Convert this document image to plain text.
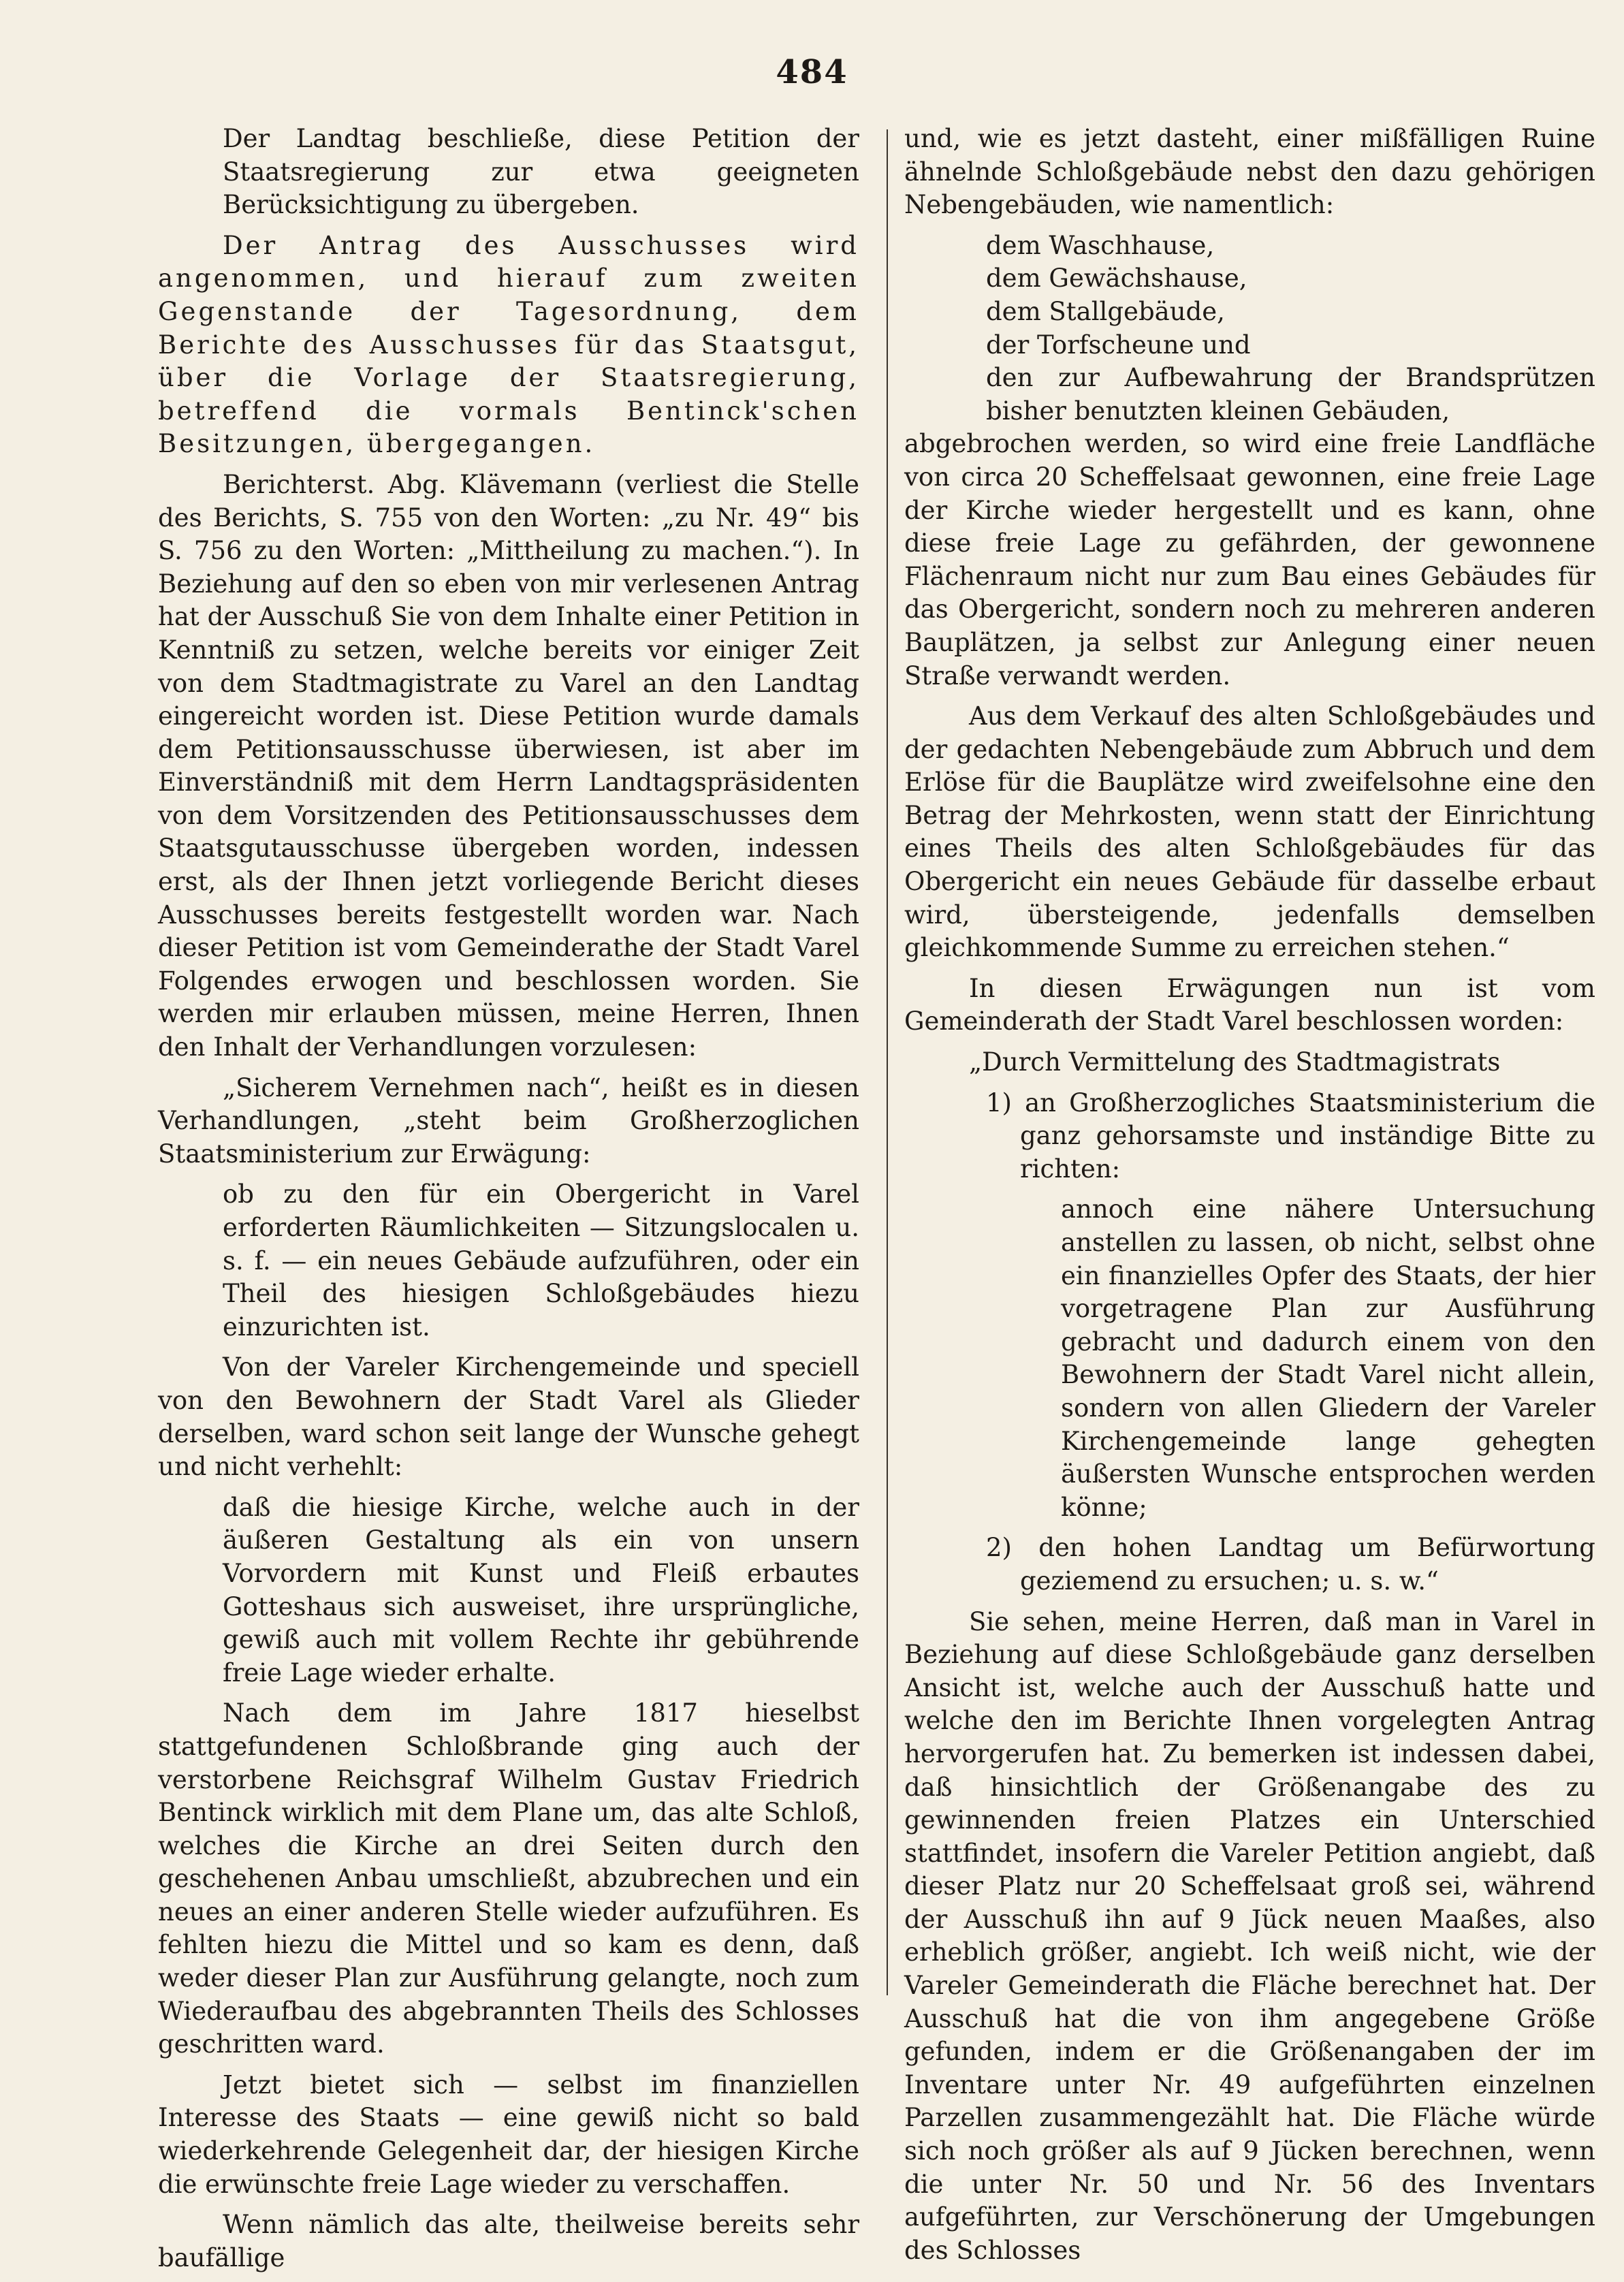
484

Der Landtag beschließe, diese Petition der Staatsregierung zur etwa geeigneten Berücksichtigung zu übergeben.

Der Antrag des Ausschusses wird angenommen, und hierauf zum zweiten Gegenstande der Tagesordnung, dem Berichte des Ausschusses für das Staatsgut, über die Vorlage der Staatsregierung, betreffend die vormals Bentinck'schen Besitzungen, übergegangen.

Berichterst. Abg. Klävemann (verliest die Stelle des Berichts, S. 755 von den Worten: „zu Nr. 49“ bis S. 756 zu den Worten: „Mittheilung zu machen.“). In Beziehung auf den so eben von mir verlesenen Antrag hat der Ausschuß Sie von dem Inhalte einer Petition in Kenntniß zu setzen, welche bereits vor einiger Zeit von dem Stadtmagistrate zu Varel an den Landtag eingereicht worden ist. Diese Petition wurde damals dem Petitionsausschusse überwiesen, ist aber im Einverständniß mit dem Herrn Landtagspräsidenten von dem Vorsitzenden des Petitionsausschusses dem Staatsgutausschusse übergeben worden, indessen erst, als der Ihnen jetzt vorliegende Bericht dieses Ausschusses bereits festgestellt worden war. Nach dieser Petition ist vom Gemeinderathe der Stadt Varel Folgendes erwogen und beschlossen worden. Sie werden mir erlauben müssen, meine Herren, Ihnen den Inhalt der Verhandlungen vorzulesen:

„Sicherem Vernehmen nach“, heißt es in diesen Verhandlungen, „steht beim Großherzoglichen Staatsministerium zur Erwägung:

ob zu den für ein Obergericht in Varel erforderten Räumlichkeiten — Sitzungslocalen u. s. f. — ein neues Gebäude aufzuführen, oder ein Theil des hiesigen Schloßgebäudes hiezu einzurichten ist.

Von der Vareler Kirchengemeinde und speciell von den Bewohnern der Stadt Varel als Glieder derselben, ward schon seit lange der Wunsche gehegt und nicht verhehlt:

daß die hiesige Kirche, welche auch in der äußeren Gestaltung als ein von unsern Vorvordern mit Kunst und Fleiß erbautes Gotteshaus sich ausweiset, ihre ursprüngliche, gewiß auch mit vollem Rechte ihr gebührende freie Lage wieder erhalte.

Nach dem im Jahre 1817 hieselbst stattgefundenen Schloßbrande ging auch der verstorbene Reichsgraf Wilhelm Gustav Friedrich Bentinck wirklich mit dem Plane um, das alte Schloß, welches die Kirche an drei Seiten durch den geschehenen Anbau umschließt, abzubrechen und ein neues an einer anderen Stelle wieder aufzuführen. Es fehlten hiezu die Mittel und so kam es denn, daß weder dieser Plan zur Ausführung gelangte, noch zum Wiederaufbau des abgebrannten Theils des Schlosses geschritten ward.

Jetzt bietet sich — selbst im finanziellen Interesse des Staats — eine gewiß nicht so bald wiederkehrende Gelegenheit dar, der hiesigen Kirche die erwünschte freie Lage wieder zu verschaffen.

Wenn nämlich das alte, theilweise bereits sehr baufällige

und, wie es jetzt dasteht, einer mißfälligen Ruine ähnelnde Schloßgebäude nebst den dazu gehörigen Nebengebäuden, wie namentlich:

dem Waschhause,

dem Gewächshause,

dem Stallgebäude,

der Torfscheune und

den zur Aufbewahrung der Brandsprützen bisher benutzten kleinen Gebäuden,

abgebrochen werden, so wird eine freie Landfläche von circa 20 Scheffelsaat gewonnen, eine freie Lage der Kirche wieder hergestellt und es kann, ohne diese freie Lage zu gefährden, der gewonnene Flächenraum nicht nur zum Bau eines Gebäudes für das Obergericht, sondern noch zu mehreren anderen Bauplätzen, ja selbst zur Anlegung einer neuen Straße verwandt werden.

Aus dem Verkauf des alten Schloßgebäudes und der gedachten Nebengebäude zum Abbruch und dem Erlöse für die Bauplätze wird zweifelsohne eine den Betrag der Mehrkosten, wenn statt der Einrichtung eines Theils des alten Schloßgebäudes für das Obergericht ein neues Gebäude für dasselbe erbaut wird, übersteigende, jedenfalls demselben gleichkommende Summe zu erreichen stehen.“

In diesen Erwägungen nun ist vom Gemeinderath der Stadt Varel beschlossen worden:

„Durch Vermittelung des Stadtmagistrats

1) an Großherzogliches Staatsministerium die ganz gehorsamste und inständige Bitte zu richten:

annoch eine nähere Untersuchung anstellen zu lassen, ob nicht, selbst ohne ein finanzielles Opfer des Staats, der hier vorgetragene Plan zur Ausführung gebracht und dadurch einem von den Bewohnern der Stadt Varel nicht allein, sondern von allen Gliedern der Vareler Kirchengemeinde lange gehegten äußersten Wunsche entsprochen werden könne;

2) den hohen Landtag um Befürwortung geziemend zu ersuchen; u. s. w.“

Sie sehen, meine Herren, daß man in Varel in Beziehung auf diese Schloßgebäude ganz derselben Ansicht ist, welche auch der Ausschuß hatte und welche den im Berichte Ihnen vorgelegten Antrag hervorgerufen hat. Zu bemerken ist indessen dabei, daß hinsichtlich der Größenangabe des zu gewinnenden freien Platzes ein Unterschied stattfindet, insofern die Vareler Petition angiebt, daß dieser Platz nur 20 Scheffelsaat groß sei, während der Ausschuß ihn auf 9 Jück neuen Maaßes, also erheblich größer, angiebt. Ich weiß nicht, wie der Vareler Gemeinderath die Fläche berechnet hat. Der Ausschuß hat die von ihm angegebene Größe gefunden, indem er die Größenangaben der im Inventare unter Nr. 49 aufgeführten einzelnen Parzellen zusammengezählt hat. Die Fläche würde sich noch größer als auf 9 Jücken berechnen, wenn die unter Nr. 50 und Nr. 56 des Inventars aufgeführten, zur Verschönerung der Umgebungen des Schlosses
